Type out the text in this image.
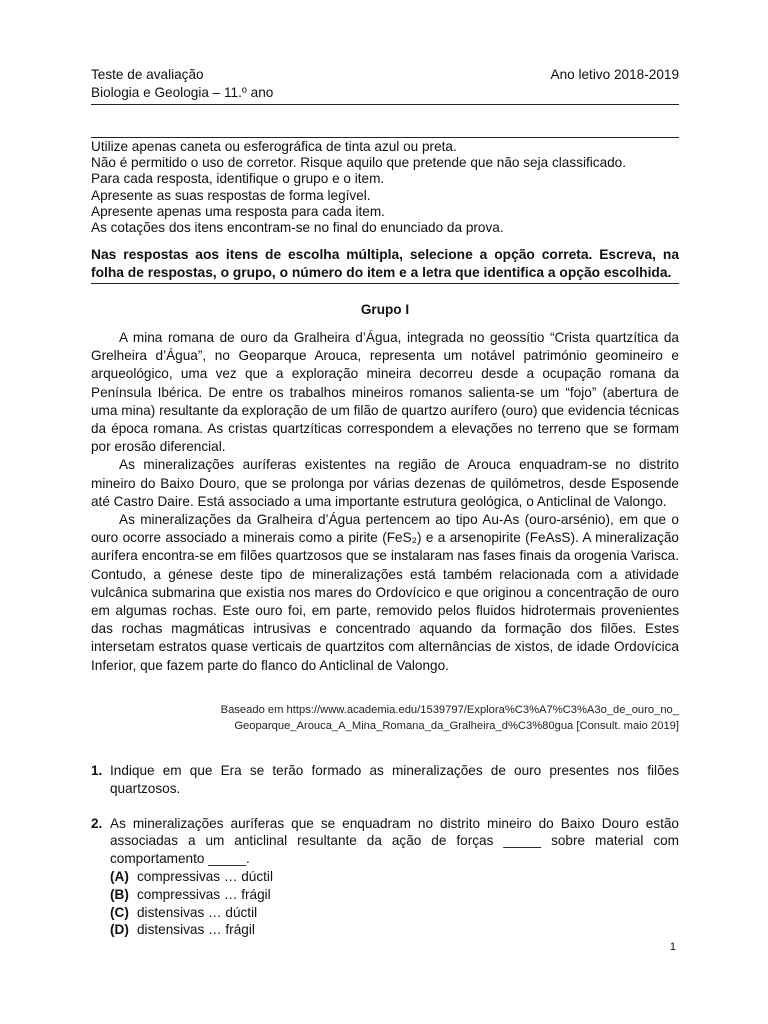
Teste de avaliação	Ano letivo 2018-2019
Biologia e Geologia – 11.º ano

Utilize apenas caneta ou esferográfica de tinta azul ou preta.

Não é permitido o uso de corretor. Risque aquilo que pretende que não seja classificado.

Para cada resposta, identifique o grupo e o item.

Apresente as suas respostas de forma legível.

Apresente apenas uma resposta para cada item.

As cotações dos itens encontram-se no final do enunciado da prova.

Nas respostas aos itens de escolha múltipla, selecione a opção correta. Escreva, na folha de respostas, o grupo, o número do item e a letra que identifica a opção escolhida.
Grupo I

A mina romana de ouro da Gralheira d’Água, integrada no geossítio “Crista quartzítica da Grelheira d’Água”, no Geoparque Arouca, representa um notável património geomineiro e arqueológico, uma vez que a exploração mineira decorreu desde a ocupação romana da Península Ibérica. De entre os trabalhos mineiros romanos salienta-se um “fojo” (abertura de uma mina) resultante da exploração de um filão de quartzo aurífero (ouro) que evidencia técnicas da época romana. As cristas quartzíticas correspondem a elevações no terreno que se formam por erosão diferencial.

As mineralizações auríferas existentes na região de Arouca enquadram-se no distrito mineiro do Baixo Douro, que se prolonga por várias dezenas de quilómetros, desde Esposende até Castro Daire. Está associado a uma importante estrutura geológica, o Anticlinal de Valongo.

As mineralizações da Gralheira d’Água pertencem ao tipo Au-As (ouro-arsénio), em que o ouro ocorre associado a minerais como a pirite (FeS₂) e a arsenopirite (FeAsS). A mineralização aurífera encontra-se em filões quartzosos que se instalaram nas fases finais da orogenia Varisca. Contudo, a génese deste tipo de mineralizações está também relacionada com a atividade vulcânica submarina que existia nos mares do Ordovícico e que originou a concentração de ouro em algumas rochas. Este ouro foi, em parte, removido pelos fluidos hidrotermais provenientes das rochas magmáticas intrusivas e concentrado aquando da formação dos filões. Estes intersetam estratos quase verticais de quartzitos com alternâncias de xistos, de idade Ordovícica Inferior, que fazem parte do flanco do Anticlinal de Valongo.

Baseado em https://www.academia.edu/1539797/Explora%C3%A7%C3%A3o_de_ouro_no_
Geoparque_Arouca_A_Mina_Romana_da_Gralheira_d%C3%80gua [Consult. maio 2019]
1. Indique em que Era se terão formado as mineralizações de ouro presentes nos filões quartzosos.
2. As mineralizações auríferas que se enquadram no distrito mineiro do Baixo Douro estão associadas a um anticlinal resultante da ação de forças _____ sobre material com comportamento _____.
(A) compressivas … dúctil
(B) compressivas … frágil
(C) distensivas … dúctil
(D) distensivas … frágil
1
